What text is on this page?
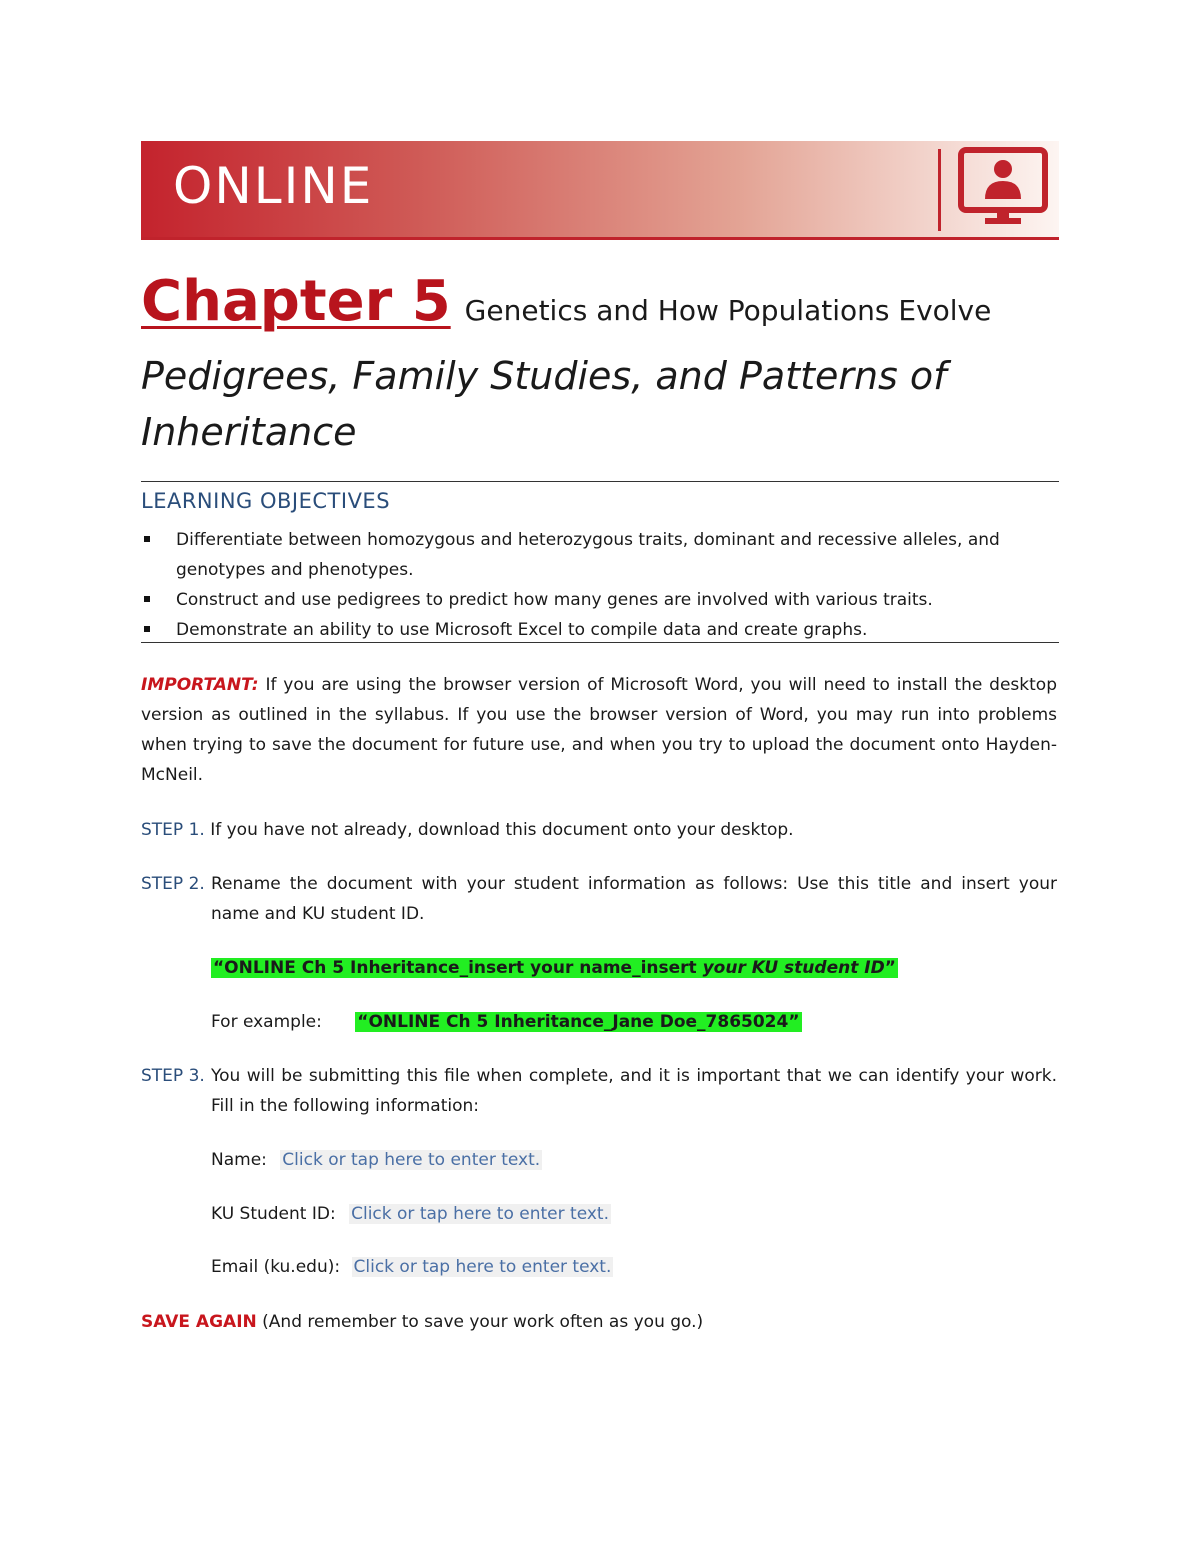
ONLINE
Chapter 5 Genetics and How Populations Evolve
Pedigrees, Family Studies, and Patterns of Inheritance
LEARNING OBJECTIVES
Differentiate between homozygous and heterozygous traits, dominant and recessive alleles, and genotypes and phenotypes.
Construct and use pedigrees to predict how many genes are involved with various traits.
Demonstrate an ability to use Microsoft Excel to compile data and create graphs.
IMPORTANT: If you are using the browser version of Microsoft Word, you will need to install the desktop version as outlined in the syllabus. If you use the browser version of Word, you may run into problems when trying to save the document for future use, and when you try to upload the document onto Hayden-McNeil.
STEP 1. If you have not already, download this document onto your desktop.
STEP 2. Rename the document with your student information as follows: Use this title and insert your name and KU student ID.
“ONLINE Ch 5 Inheritance_insert your name_insert your KU student ID”
For example: “ONLINE Ch 5 Inheritance_Jane Doe_7865024”
STEP 3. You will be submitting this file when complete, and it is important that we can identify your work. Fill in the following information:
Name: Click or tap here to enter text.
KU Student ID: Click or tap here to enter text.
Email (ku.edu): Click or tap here to enter text.
SAVE AGAIN (And remember to save your work often as you go.)
